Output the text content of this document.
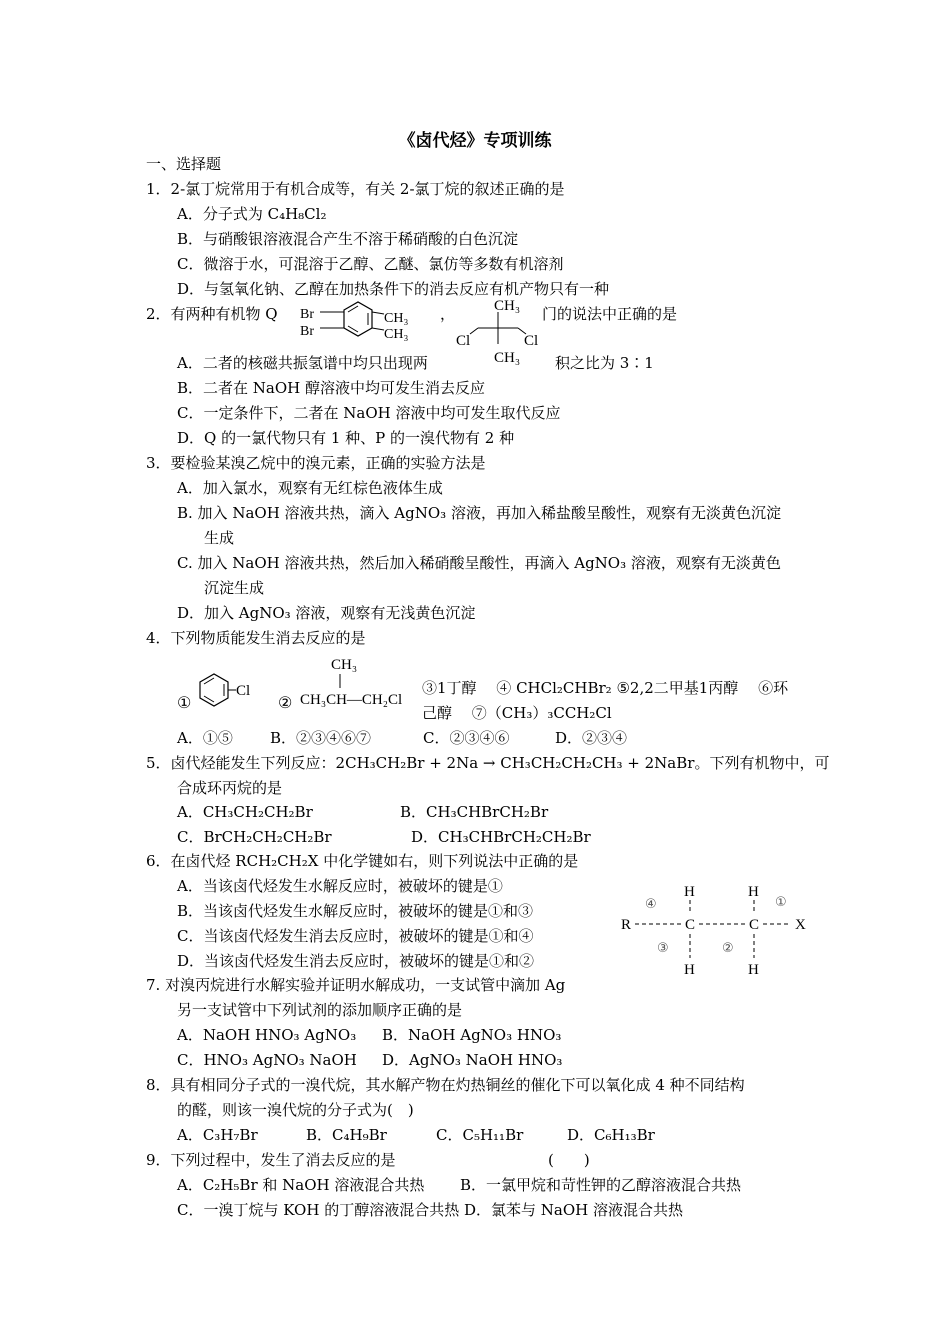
《卤代烃》专项训练
一、选择题
1．2-氯丁烷常用于有机合成等，有关 2-氯丁烷的叙述正确的是
A．分子式为 C₄H₈Cl₂
B．与硝酸银溶液混合产生不溶于稀硝酸的白色沉淀
C．微溶于水，可混溶于乙醇、乙醚、氯仿等多数有机溶剂
D．与氢氧化钠、乙醇在加热条件下的消去反应有机产物只有一种
2．有两种有机物 Q Br
Br
CH₃
CH₃
，	CH₃
Cl	Cl
CH₃
门的说法中正确的是
A．二者的核磁共振氢谱中均只出现两	积之比为 3∶1
B．二者在 NaOH 醇溶液中均可发生消去反应
C．一定条件下，二者在 NaOH 溶液中均可发生取代反应
D．Q 的一氯代物只有 1 种、P 的一溴代物有 2 种
3．要检验某溴乙烷中的溴元素，正确的实验方法是
A．加入氯水，观察有无红棕色液体生成
B. 加入 NaOH 溶液共热，滴入 AgNO₃ 溶液，再加入稀盐酸呈酸性，观察有无淡黄色沉淀
生成
C. 加入 NaOH 溶液共热，然后加入稀硝酸呈酸性，再滴入 AgNO₃ 溶液，观察有无淡黄色
沉淀生成
D．加入 AgNO₃ 溶液，观察有无浅黄色沉淀
4．下列物质能发生消去反应的是
①
Cl
②
CH₃
CH₃CH—CH₂Cl
③1丁醇　 ④ CHCl₂CHBr₂ ⑤2,2二甲基1丙醇　 ⑥环
己醇　 ⑦（CH₃）₃CCH₂Cl
A．①⑤ B．②③④⑥⑦	C．②③④⑥	D．②③④
5．卤代烃能发生下列反应：2CH₃CH₂Br + 2Na → CH₃CH₂CH₂CH₃ + 2NaBr。下列有机物中，可
合成环丙烷的是
A．CH₃CH₂CH₂Br	B．CH₃CHBrCH₂Br
C．BrCH₂CH₂CH₂Br	D．CH₃CHBrCH₂CH₂Br
6．在卤代烃 RCH₂CH₂X 中化学键如右，则下列说法中正确的是
A．当该卤代烃发生水解反应时，被破坏的键是①
B．当该卤代烃发生水解反应时，被破坏的键是①和③
C．当该卤代烃发生消去反应时，被破坏的键是①和④
D．当该卤代烃发生消去反应时，被破坏的键是①和②
R	C	C X
H	H
H	H
④	①
③	②
7. 对溴丙烷进行水解实验并证明水解成功，一支试管中滴加 Ag
另一支试管中下列试剂的添加顺序正确的是
A．NaOH HNO₃ AgNO₃ B．NaOH AgNO₃ HNO₃
C．HNO₃ AgNO₃ NaOH D．AgNO₃ NaOH HNO₃
8．具有相同分子式的一溴代烷，其水解产物在灼热铜丝的催化下可以氧化成 4 种不同结构
的醛，则该一溴代烷的分子式为(　)
A．C₃H₇Br	B．C₄H₉Br	C．C₅H₁₁Br	D．C₆H₁₃Br
9．下列过程中，发生了消去反应的是	(　　)
A．C₂H₅Br 和 NaOH 溶液混合共热 B．一氯甲烷和苛性钾的乙醇溶液混合共热
C．一溴丁烷与 KOH 的丁醇溶液混合共热 D．氯苯与 NaOH 溶液混合共热
